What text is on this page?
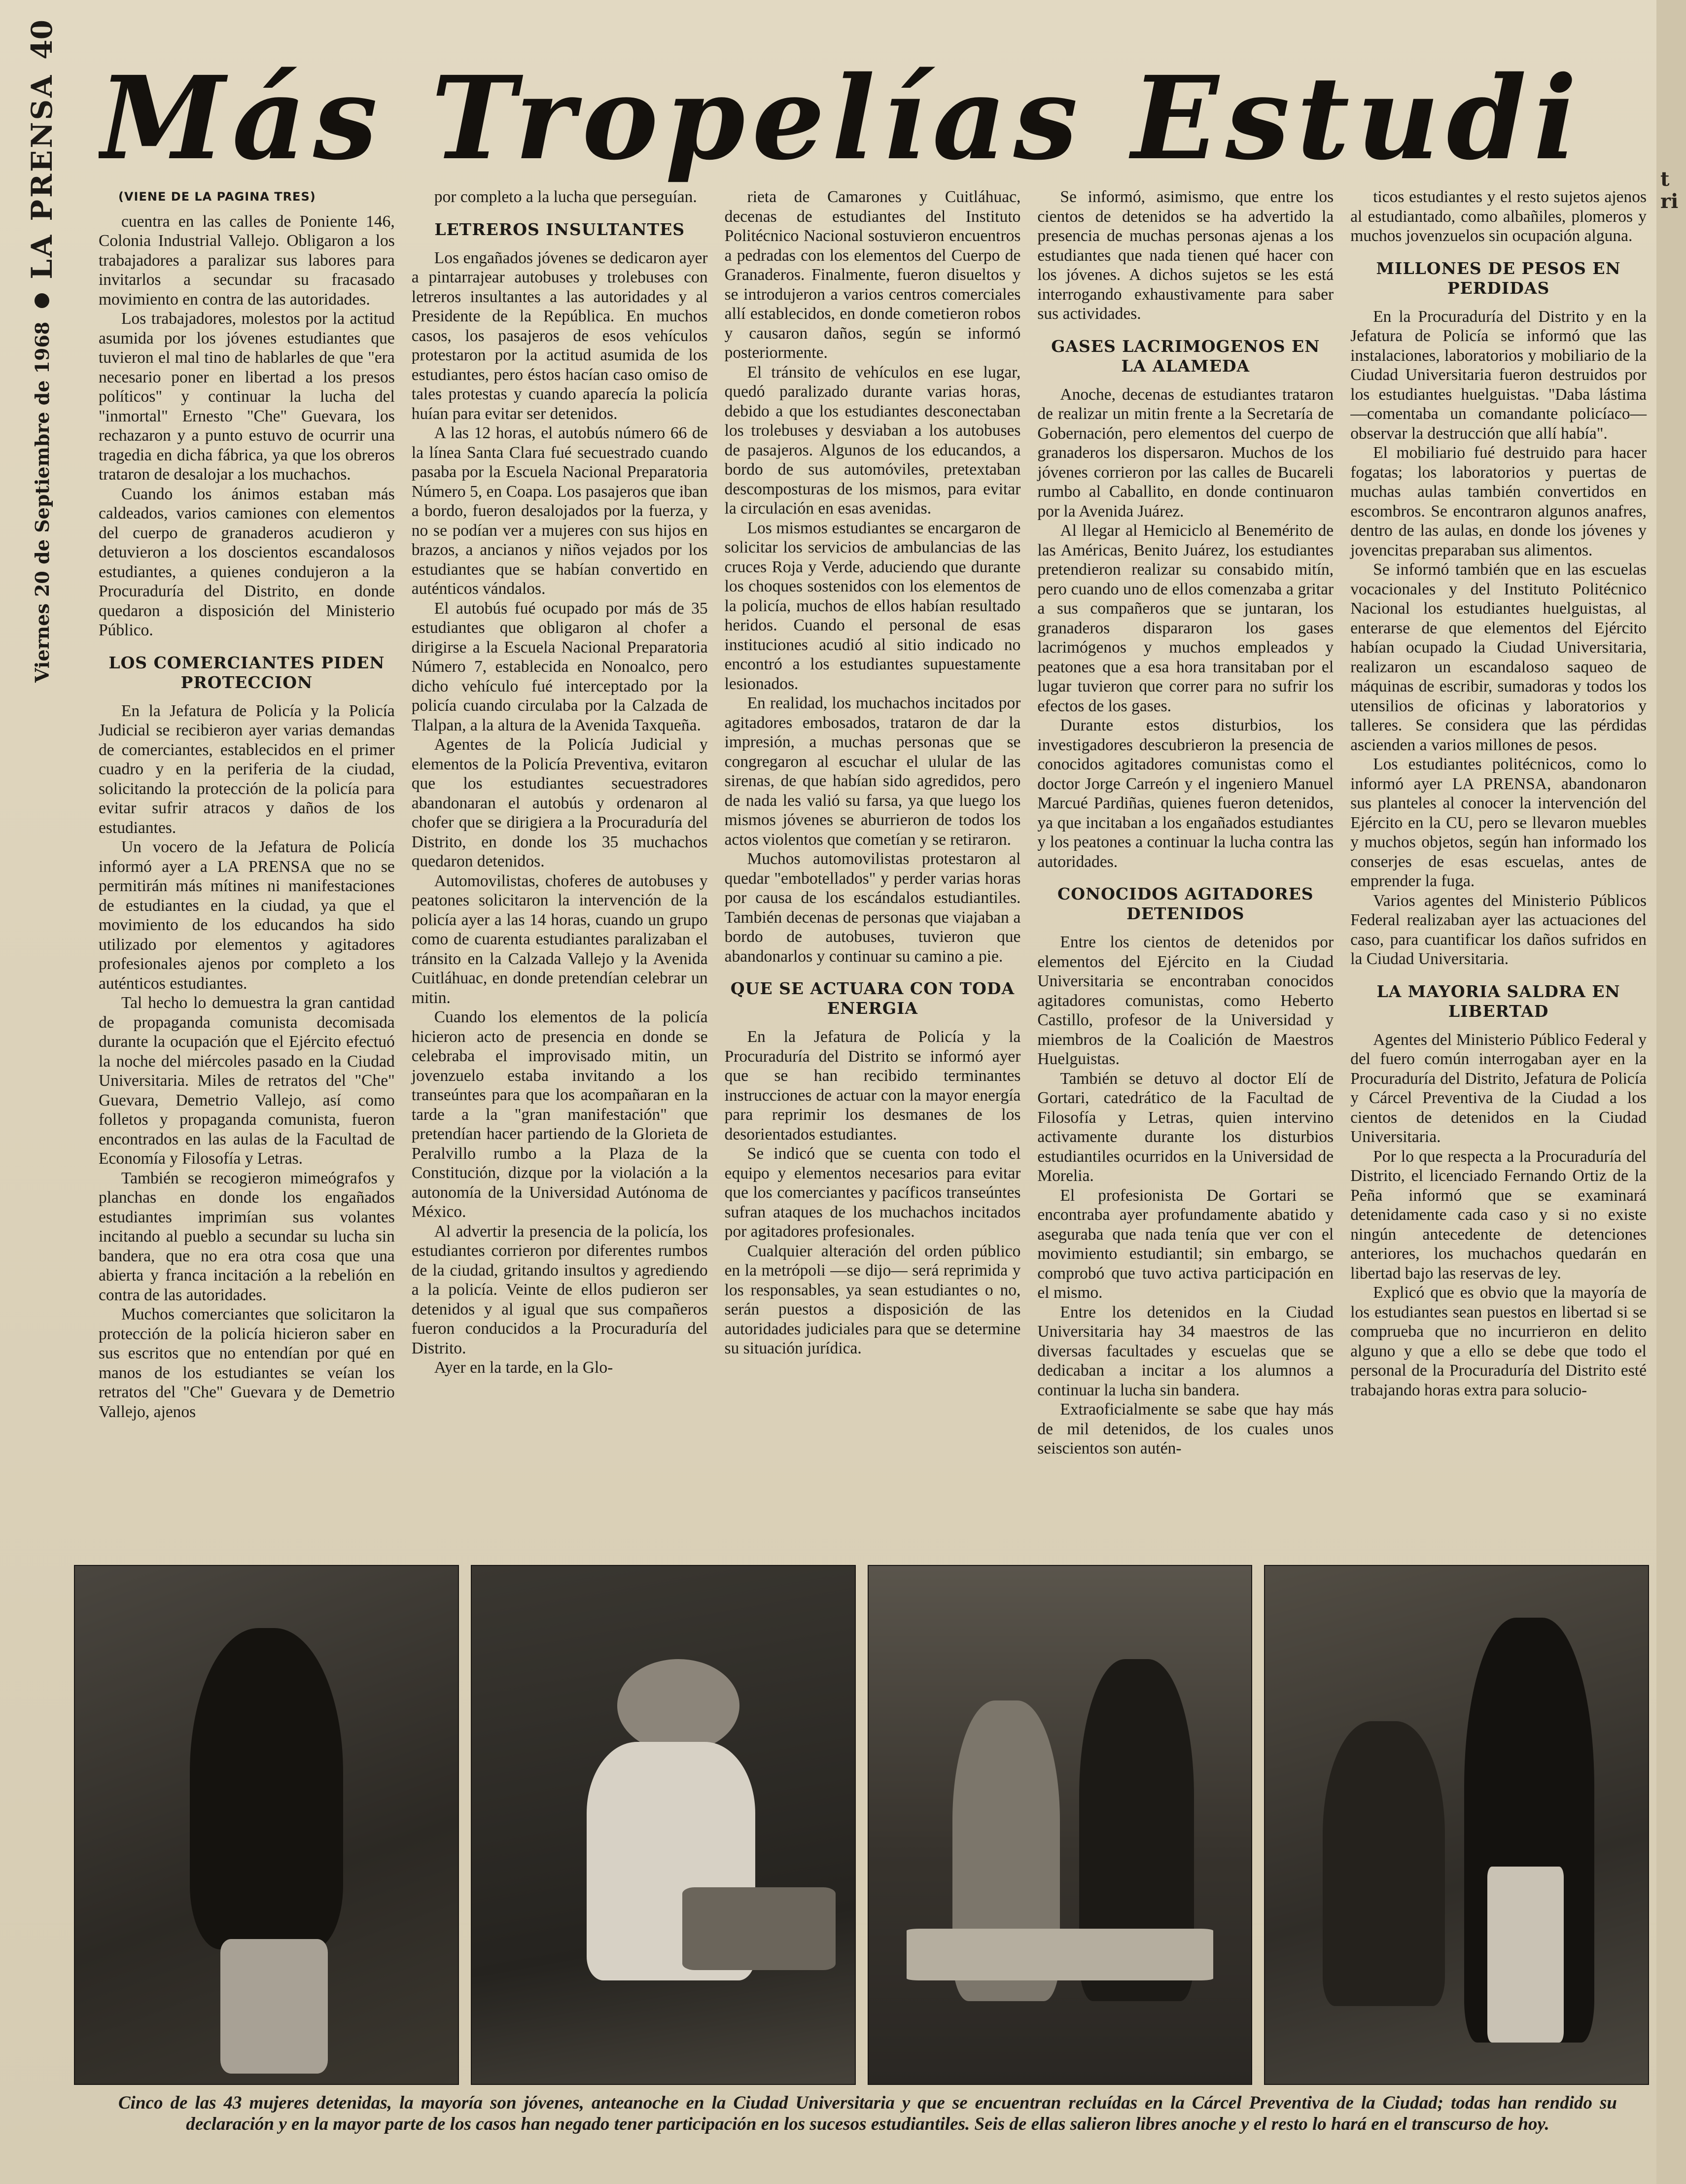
Viernes 20 de Septiembre de 1968
LA PRENSA
40
Más Tropelías Estudi	t
ri
(VIENE DE LA PAGINA TRES)

cuentra en las calles de Poniente 146, Colonia Industrial Vallejo. Obligaron a los trabajadores a paralizar sus labores para invitarlos a secundar su fracasado movimiento en contra de las autoridades.

Los trabajadores, molestos por la actitud asumida por los jóvenes estudiantes que tuvieron el mal tino de hablarles de que "era necesario poner en libertad a los presos políticos" y continuar la lucha del "inmortal" Ernesto "Che" Guevara, los rechazaron y a punto estuvo de ocurrir una tragedia en dicha fábrica, ya que los obreros trataron de desalojar a los muchachos.

Cuando los ánimos estaban más caldeados, varios camiones con elementos del cuerpo de granaderos acudieron y detuvieron a los doscientos escandalosos estudiantes, a quienes condujeron a la Procuraduría del Distrito, en donde quedaron a disposición del Ministerio Público.

LOS COMERCIANTES PIDEN PROTECCION

En la Jefatura de Policía y la Policía Judicial se recibieron ayer varias demandas de comerciantes, establecidos en el primer cuadro y en la periferia de la ciudad, solicitando la protección de la policía para evitar sufrir atracos y daños de los estudiantes.

Un vocero de la Jefatura de Policía informó ayer a LA PRENSA que no se permitirán más mítines ni manifestaciones de estudiantes en la ciudad, ya que el movimiento de los educandos ha sido utilizado por elementos y agitadores profesionales ajenos por completo a los auténticos estudiantes.

Tal hecho lo demuestra la gran cantidad de propaganda comunista decomisada durante la ocupación que el Ejército efectuó la noche del miércoles pasado en la Ciudad Universitaria. Miles de retratos del "Che" Guevara, Demetrio Vallejo, así como folletos y propaganda comunista, fueron encontrados en las aulas de la Facultad de Economía y Filosofía y Letras.

También se recogieron mimeógrafos y planchas en donde los engañados estudiantes imprimían sus volantes incitando al pueblo a secundar su lucha sin bandera, que no era otra cosa que una abierta y franca incitación a la rebelión en contra de las autoridades.

Muchos comerciantes que solicitaron la protección de la policía hicieron saber en sus escritos que no entendían por qué en manos de los estudiantes se veían los retratos del "Che" Guevara y de Demetrio Vallejo, ajenos

por completo a la lucha que perseguían.

LETREROS INSULTANTES

Los engañados jóvenes se dedicaron ayer a pintarrajear autobuses y trolebuses con letreros insultantes a las autoridades y al Presidente de la República. En muchos casos, los pasajeros de esos vehículos protestaron por la actitud asumida de los estudiantes, pero éstos hacían caso omiso de tales protestas y cuando aparecía la policía huían para evitar ser detenidos.

A las 12 horas, el autobús número 66 de la línea Santa Clara fué secuestrado cuando pasaba por la Escuela Nacional Preparatoria Número 5, en Coapa. Los pasajeros que iban a bordo, fueron desalojados por la fuerza, y no se podían ver a mujeres con sus hijos en brazos, a ancianos y niños vejados por los estudiantes que se habían convertido en auténticos vándalos.

El autobús fué ocupado por más de 35 estudiantes que obligaron al chofer a dirigirse a la Escuela Nacional Preparatoria Número 7, establecida en Nonoalco, pero dicho vehículo fué interceptado por la policía cuando circulaba por la Calzada de Tlalpan, a la altura de la Avenida Taxqueña.

Agentes de la Policía Judicial y elementos de la Policía Preventiva, evitaron que los estudiantes secuestradores abandonaran el autobús y ordenaron al chofer que se dirigiera a la Procuraduría del Distrito, en donde los 35 muchachos quedaron detenidos.

Automovilistas, choferes de autobuses y peatones solicitaron la intervención de la policía ayer a las 14 horas, cuando un grupo como de cuarenta estudiantes paralizaban el tránsito en la Calzada Vallejo y la Avenida Cuitláhuac, en donde pretendían celebrar un mitin.

Cuando los elementos de la policía hicieron acto de presencia en donde se celebraba el improvisado mitin, un jovenzuelo estaba invitando a los transeúntes para que los acompañaran en la tarde a la "gran manifestación" que pretendían hacer partiendo de la Glorieta de Peralvillo rumbo a la Plaza de la Constitución, dizque por la violación a la autonomía de la Universidad Autónoma de México.

Al advertir la presencia de la policía, los estudiantes corrieron por diferentes rumbos de la ciudad, gritando insultos y agrediendo a la policía. Veinte de ellos pudieron ser detenidos y al igual que sus compañeros fueron conducidos a la Procuraduría del Distrito.

Ayer en la tarde, en la Glo-

rieta de Camarones y Cuitláhuac, decenas de estudiantes del Instituto Politécnico Nacional sostuvieron encuentros a pedradas con los elementos del Cuerpo de Granaderos. Finalmente, fueron disueltos y se introdujeron a varios centros comerciales allí establecidos, en donde cometieron robos y causaron daños, según se informó posteriormente.

El tránsito de vehículos en ese lugar, quedó paralizado durante varias horas, debido a que los estudiantes desconectaban los trolebuses y desviaban a los autobuses de pasajeros. Algunos de los educandos, a bordo de sus automóviles, pretextaban descomposturas de los mismos, para evitar la circulación en esas avenidas.

Los mismos estudiantes se encargaron de solicitar los servicios de ambulancias de las cruces Roja y Verde, aduciendo que durante los choques sostenidos con los elementos de la policía, muchos de ellos habían resultado heridos. Cuando el personal de esas instituciones acudió al sitio indicado no encontró a los estudiantes supuestamente lesionados.

En realidad, los muchachos incitados por agitadores embosados, trataron de dar la impresión, a muchas personas que se congregaron al escuchar el ulular de las sirenas, de que habían sido agredidos, pero de nada les valió su farsa, ya que luego los mismos jóvenes se aburrieron de todos los actos violentos que cometían y se retiraron.

Muchos automovilistas protestaron al quedar "embotellados" y perder varias horas por causa de los escándalos estudiantiles. También decenas de personas que viajaban a bordo de autobuses, tuvieron que abandonarlos y continuar su camino a pie.

QUE SE ACTUARA CON TODA ENERGIA

En la Jefatura de Policía y la Procuraduría del Distrito se informó ayer que se han recibido terminantes instrucciones de actuar con la mayor energía para reprimir los desmanes de los desorientados estudiantes.

Se indicó que se cuenta con todo el equipo y elementos necesarios para evitar que los comerciantes y pacíficos transeúntes sufran ataques de los muchachos incitados por agitadores profesionales.

Cualquier alteración del orden público en la metrópoli —se dijo— será reprimida y los responsables, ya sean estudiantes o no, serán puestos a disposición de las autoridades judiciales para que se determine su situación jurídica.

Se informó, asimismo, que entre los cientos de detenidos se ha advertido la presencia de muchas personas ajenas a los estudiantes que nada tienen qué hacer con los jóvenes. A dichos sujetos se les está interrogando exhaustivamente para saber sus actividades.

GASES LACRIMOGENOS EN LA ALAMEDA

Anoche, decenas de estudiantes trataron de realizar un mitin frente a la Secretaría de Gobernación, pero elementos del cuerpo de granaderos los dispersaron. Muchos de los jóvenes corrieron por las calles de Bucareli rumbo al Caballito, en donde continuaron por la Avenida Juárez.

Al llegar al Hemiciclo al Benemérito de las Américas, Benito Juárez, los estudiantes pretendieron realizar su consabido mitín, pero cuando uno de ellos comenzaba a gritar a sus compañeros que se juntaran, los granaderos dispararon los gases lacrimógenos y muchos empleados y peatones que a esa hora transitaban por el lugar tuvieron que correr para no sufrir los efectos de los gases.

Durante estos disturbios, los investigadores descubrieron la presencia de conocidos agitadores comunistas como el doctor Jorge Carreón y el ingeniero Manuel Marcué Pardiñas, quienes fueron detenidos, ya que incitaban a los engañados estudiantes y los peatones a continuar la lucha contra las autoridades.

CONOCIDOS AGITADORES DETENIDOS

Entre los cientos de detenidos por elementos del Ejército en la Ciudad Universitaria se encontraban conocidos agitadores comunistas, como Heberto Castillo, profesor de la Universidad y miembros de la Coalición de Maestros Huelguistas.

También se detuvo al doctor Elí de Gortari, catedrático de la Facultad de Filosofía y Letras, quien intervino activamente durante los disturbios estudiantiles ocurridos en la Universidad de Morelia.

El profesionista De Gortari se encontraba ayer profundamente abatido y aseguraba que nada tenía que ver con el movimiento estudiantil; sin embargo, se comprobó que tuvo activa participación en el mismo.

Entre los detenidos en la Ciudad Universitaria hay 34 maestros de las diversas facultades y escuelas que se dedicaban a incitar a los alumnos a continuar la lucha sin bandera.

Extraoficialmente se sabe que hay más de mil detenidos, de los cuales unos seiscientos son autén-

ticos estudiantes y el resto sujetos ajenos al estudiantado, como albañiles, plomeros y muchos jovenzuelos sin ocupación alguna.

MILLONES DE PESOS EN PERDIDAS

En la Procuraduría del Distrito y en la Jefatura de Policía se informó que las instalaciones, laboratorios y mobiliario de la Ciudad Universitaria fueron destruidos por los estudiantes huelguistas. "Daba lástima —comentaba un comandante policíaco— observar la destrucción que allí había".

El mobiliario fué destruido para hacer fogatas; los laboratorios y puertas de muchas aulas también convertidos en escombros. Se encontraron algunos anafres, dentro de las aulas, en donde los jóvenes y jovencitas preparaban sus alimentos.

Se informó también que en las escuelas vocacionales y del Instituto Politécnico Nacional los estudiantes huelguistas, al enterarse de que elementos del Ejército habían ocupado la Ciudad Universitaria, realizaron un escandaloso saqueo de máquinas de escribir, sumadoras y todos los utensilios de oficinas y laboratorios y talleres. Se considera que las pérdidas ascienden a varios millones de pesos.

Los estudiantes politécnicos, como lo informó ayer LA PRENSA, abandonaron sus planteles al conocer la intervención del Ejército en la CU, pero se llevaron muebles y muchos objetos, según han informado los conserjes de esas escuelas, antes de emprender la fuga.

Varios agentes del Ministerio Públicos Federal realizaban ayer las actuaciones del caso, para cuantificar los daños sufridos en la Ciudad Universitaria.

LA MAYORIA SALDRA EN LIBERTAD

Agentes del Ministerio Público Federal y del fuero común interrogaban ayer en la Procuraduría del Distrito, Jefatura de Policía y Cárcel Preventiva de la Ciudad a los cientos de detenidos en la Ciudad Universitaria.

Por lo que respecta a la Procuraduría del Distrito, el licenciado Fernando Ortiz de la Peña informó que se examinará detenidamente cada caso y si no existe ningún antecedente de detenciones anteriores, los muchachos quedarán en libertad bajo las reservas de ley.

Explicó que es obvio que la mayoría de los estudiantes sean puestos en libertad si se comprueba que no incurrieron en delito alguno y que a ello se debe que todo el personal de la Procuraduría del Distrito esté trabajando horas extra para solucio-

Cinco de las 43 mujeres detenidas, la mayoría son jóvenes, anteanoche en la Ciudad Universitaria y que se encuentran recluídas en la Cárcel Preventiva de la Ciudad; todas han rendido su declaración y en la mayor parte de los casos han negado tener participación en los sucesos estudiantiles. Seis de ellas salieron libres anoche y el resto lo hará en el transcurso de hoy.
